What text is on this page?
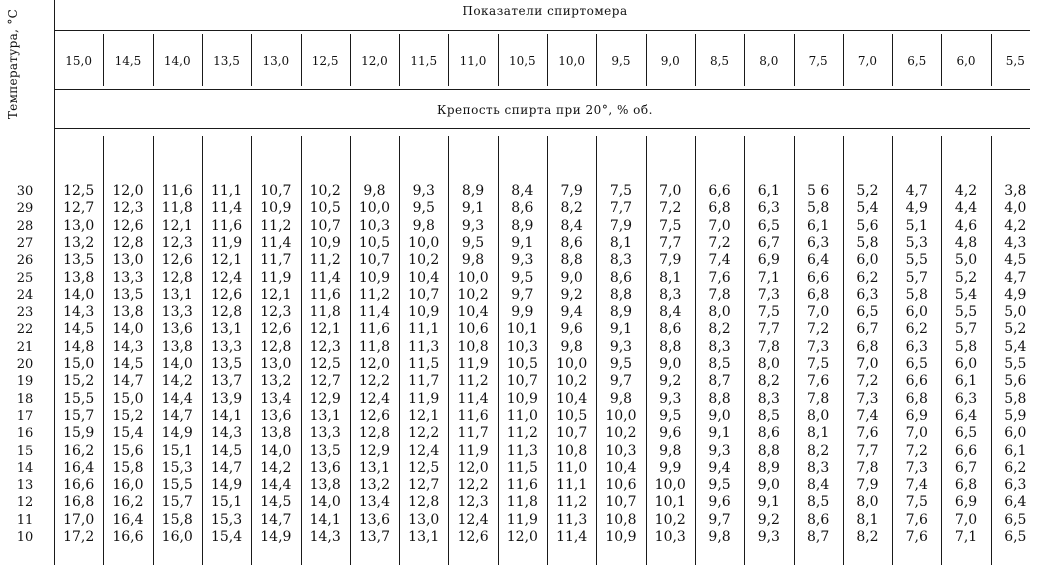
Температура, °С	Показатели спиртомера
Крепость спирта при 20°, % об.
15,0	14,5	14,0	13,5	13,0	12,5	12,0	11,5	11,0	10,5	10,0	9,5	9,0	8,5	8,0	7,5	7,0	6,5	6,0	5,5
30	12,5	12,0	11,6	11,1	10,7	10,2	9,8	9,3	8,9	8,4	7,9	7,5	7,0	6,6	6,1	5 6	5,2	4,7	4,2	3,8
29	12,7	12,3	11,8	11,4	10,9	10,5	10,0	9,5	9,1	8,6	8,2	7,7	7,2	6,8	6,3	5,8	5,4	4,9	4,4	4,0
28	13,0	12,6	12,1	11,6	11,2	10,7	10,3	9,8	9,3	8,9	8,4	7,9	7,5	7,0	6,5	6,1	5,6	5,1	4,6	4,2
27	13,2	12,8	12,3	11,9	11,4	10,9	10,5	10,0	9,5	9,1	8,6	8,1	7,7	7,2	6,7	6,3	5,8	5,3	4,8	4,3
26	13,5	13,0	12,6	12,1	11,7	11,2	10,7	10,2	9,8	9,3	8,8	8,3	7,9	7,4	6,9	6,4	6,0	5,5	5,0	4,5
25	13,8	13,3	12,8	12,4	11,9	11,4	10,9	10,4	10,0	9,5	9,0	8,6	8,1	7,6	7,1	6,6	6,2	5,7	5,2	4,7
24	14,0	13,5	13,1	12,6	12,1	11,6	11,2	10,7	10,2	9,7	9,2	8,8	8,3	7,8	7,3	6,8	6,3	5,8	5,4	4,9
23	14,3	13,8	13,3	12,8	12,3	11,8	11,4	10,9	10,4	9,9	9,4	8,9	8,4	8,0	7,5	7,0	6,5	6,0	5,5	5,0
22	14,5	14,0	13,6	13,1	12,6	12,1	11,6	11,1	10,6	10,1	9,6	9,1	8,6	8,2	7,7	7,2	6,7	6,2	5,7	5,2
21	14,8	14,3	13,8	13,3	12,8	12,3	11,8	11,3	10,8	10,3	9,8	9,3	8,8	8,3	7,8	7,3	6,8	6,3	5,8	5,4
20	15,0	14,5	14,0	13,5	13,0	12,5	12,0	11,5	11,9	10,5	10,0	9,5	9,0	8,5	8,0	7,5	7,0	6,5	6,0	5,5
19	15,2	14,7	14,2	13,7	13,2	12,7	12,2	11,7	11,2	10,7	10,2	9,7	9,2	8,7	8,2	7,6	7,2	6,6	6,1	5,6
18	15,5	15,0	14,4	13,9	13,4	12,9	12,4	11,9	11,4	10,9	10,4	9,8	9,3	8,8	8,3	7,8	7,3	6,8	6,3	5,8
17	15,7	15,2	14,7	14,1	13,6	13,1	12,6	12,1	11,6	11,0	10,5	10,0	9,5	9,0	8,5	8,0	7,4	6,9	6,4	5,9
16	15,9	15,4	14,9	14,3	13,8	13,3	12,8	12,2	11,7	11,2	10,7	10,2	9,6	9,1	8,6	8,1	7,6	7,0	6,5	6,0
15	16,2	15,6	15,1	14,5	14,0	13,5	12,9	12,4	11,9	11,3	10,8	10,3	9,8	9,3	8,8	8,2	7,7	7,2	6,6	6,1
14	16,4	15,8	15,3	14,7	14,2	13,6	13,1	12,5	12,0	11,5	11,0	10,4	9,9	9,4	8,9	8,3	7,8	7,3	6,7	6,2
13	16,6	16,0	15,5	14,9	14,4	13,8	13,2	12,7	12,2	11,6	11,1	10,6	10,0	9,5	9,0	8,4	7,9	7,4	6,8	6,3
12	16,8	16,2	15,7	15,1	14,5	14,0	13,4	12,8	12,3	11,8	11,2	10,7	10,1	9,6	9,1	8,5	8,0	7,5	6,9	6,4
11	17,0	16,4	15,8	15,3	14,7	14,1	13,6	13,0	12,4	11,9	11,3	10,8	10,2	9,7	9,2	8,6	8,1	7,6	7,0	6,5
10	17,2	16,6	16,0	15,4	14,9	14,3	13,7	13,1	12,6	12,0	11,4	10,9	10,3	9,8	9,3	8,7	8,2	7,6	7,1	6,5
